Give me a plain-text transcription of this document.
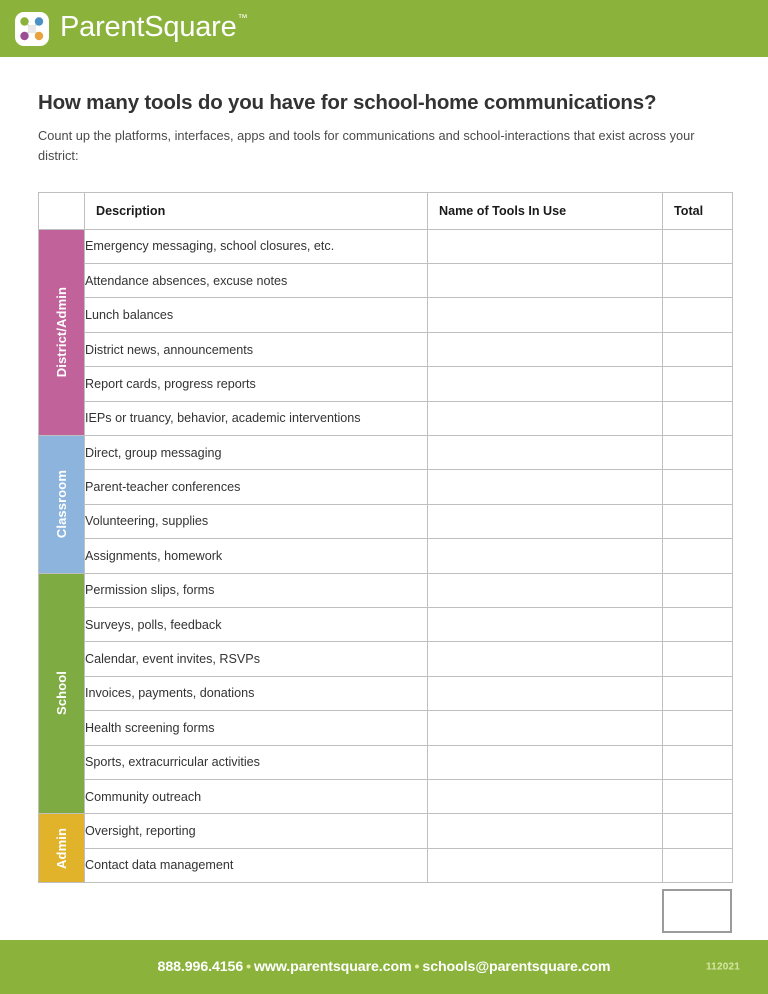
ParentSquare™
How many tools do you have for school-home communications?

Count up the platforms, interfaces, apps and tools for communications and school-interactions that exist across your district:

	Description	Name of Tools In Use	Total

District/Admin	Emergency messaging, school closures, etc.		
	Attendance absences, excuse notes		
	Lunch balances		
	District news, announcements		
	Report cards, progress reports		
	IEPs or truancy, behavior, academic interventions		

Classroom	Direct, group messaging		
	Parent-teacher conferences		
	Volunteering, supplies		
	Assignments, homework		

School	Permission slips, forms		
	Surveys, polls, feedback		
	Calendar, event invites, RSVPs		
	Invoices, payments, donations		
	Health screening forms		
	Sports, extracurricular activities		
	Community outreach		

Admin	Oversight, reporting		
	Contact data management		
888.996.4156 • www.parentsquare.com • schools@parentsquare.com	112021
